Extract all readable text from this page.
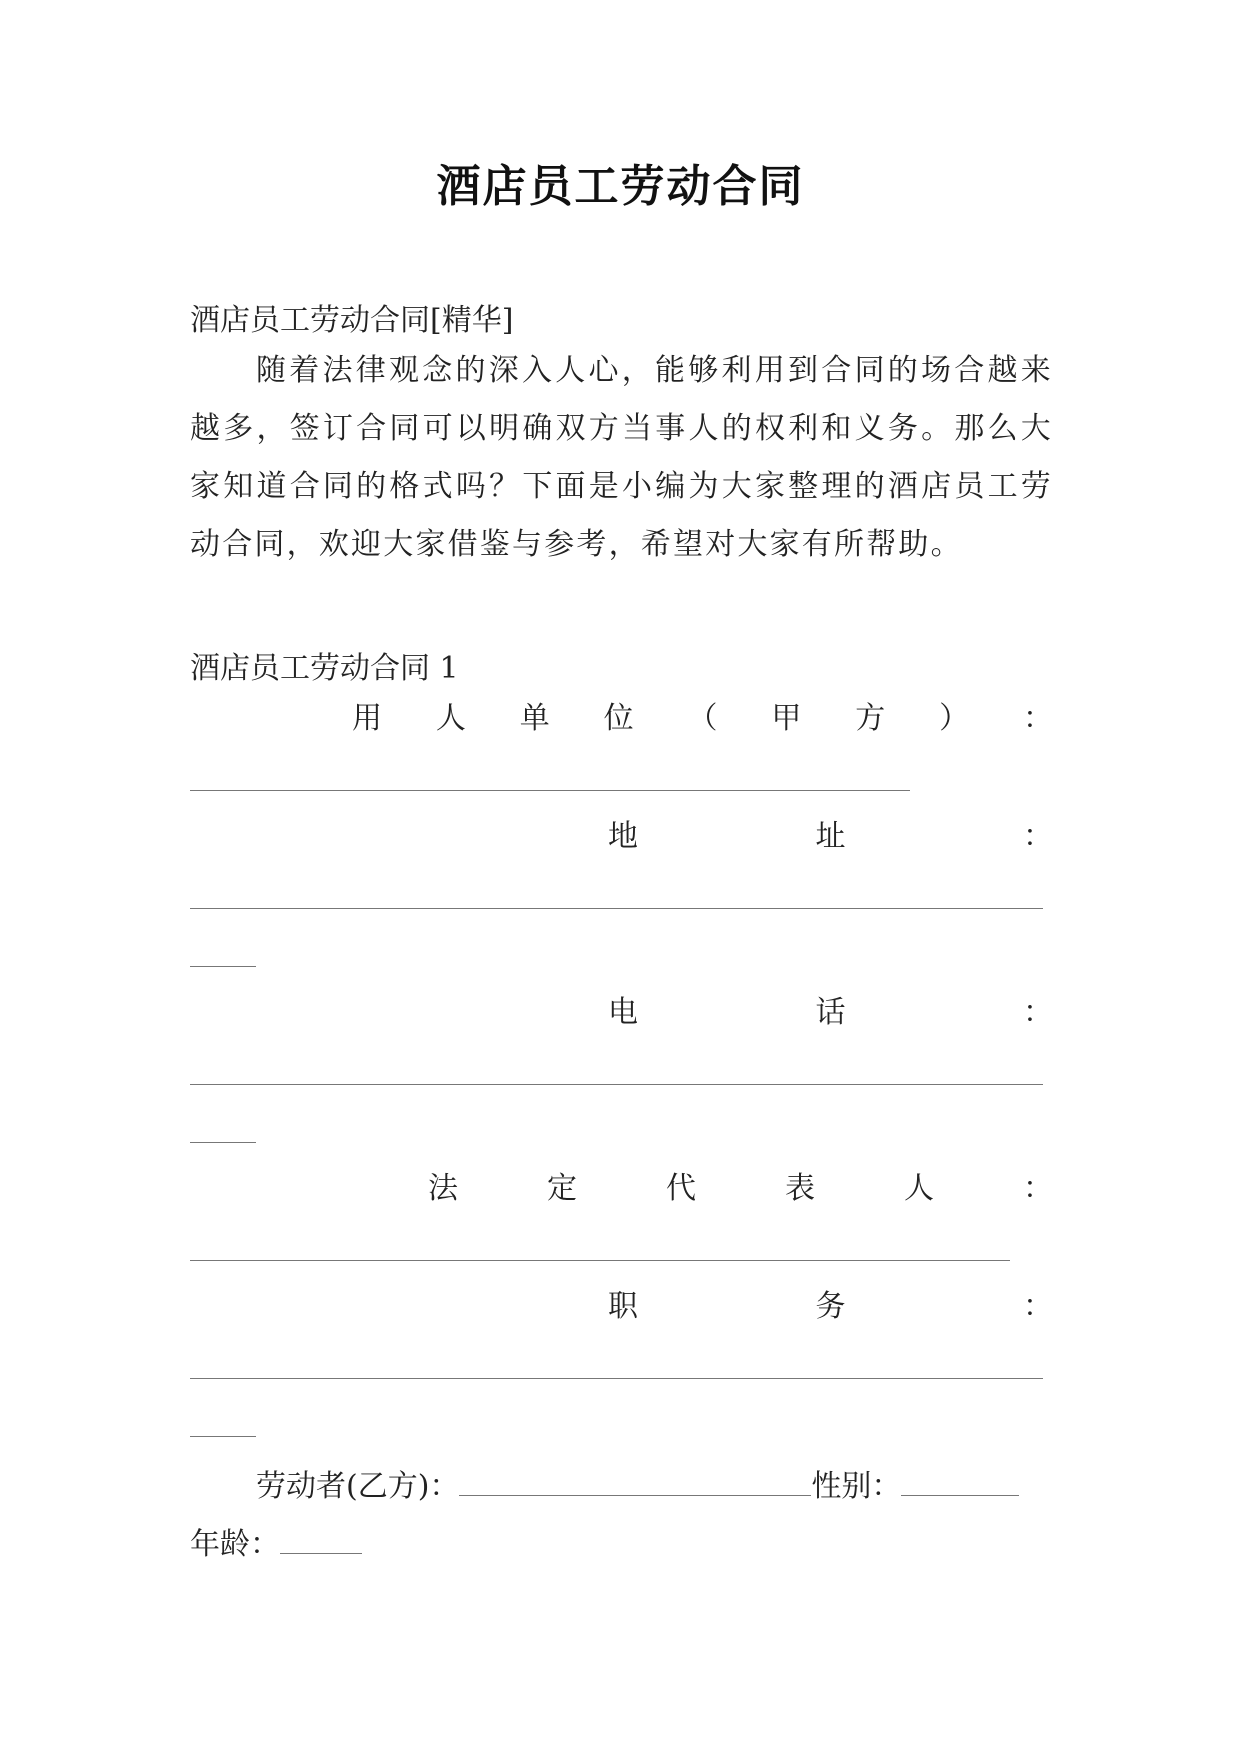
酒店员工劳动合同

酒店员工劳动合同[精华]

随着法律观念的深入人心，能够利用到合同的场合越来越多，签订合同可以明确双方当事人的权利和义务。那么大家知道合同的格式吗？下面是小编为大家整理的酒店员工劳动合同，欢迎大家借鉴与参考，希望对大家有所帮助。

酒店员工劳动合同 1

用 人 单 位 （ 甲 方 ） ：
地	址	：
电	话	：
法	定	代	表	人	：
职	务	：

劳动者(乙方)：	性别：

年龄：
